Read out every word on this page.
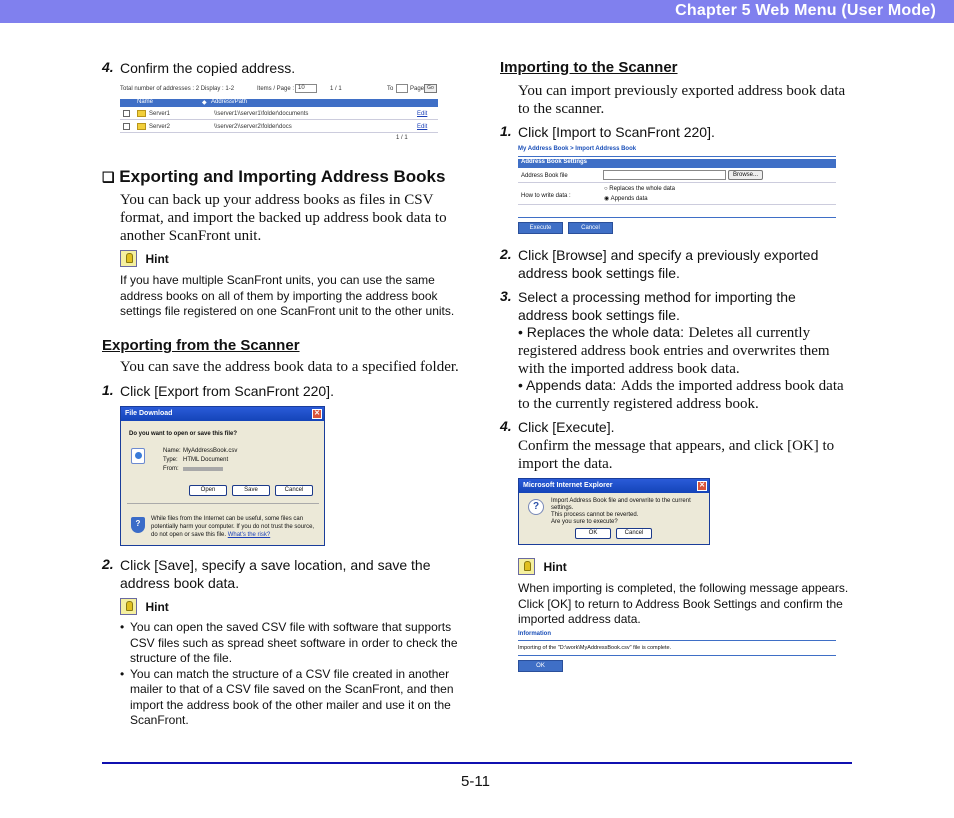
Chapter 5 Web Menu (User Mode)
4. Confirm the copied address.
Total number of addresses : 2 Display : 1-2	Items / Page : 10	1 / 1	To	Page Go
Name	◆ Address/Path
Server1	\\server1\\server1\folder\documents	Edit
Server2	\\server2\\server2\folder\docs	Edit
1 / 1
❑ Exporting and Importing Address Books
You can back up your address books as files in CSV format, and import the backed up address book data to another ScanFront unit.
$^{Hint}$
If you have multiple ScanFront units, you can use the same address books on all of them by importing the address book settings file registered on one ScanFront unit to the other units.
Exporting from the Scanner
You can save the address book data to a specified folder.
1. Click [Export from ScanFront 220].
File Download	✕
Do you want to open or save this file?
Name: MyAddressBook.csv
Type: HTML Document
From:
Open	Save	Cancel
?	While files from the Internet can be useful, some files can potentially harm your computer. If you do not trust the source, do not open or save this file. What's the risk?
2. Click [Save], specify a save location, and save the address book data.
$^{Hint}$
• You can open the saved CSV file with software that supports CSV files such as spread sheet software in order to check the structure of the file.
• You can match the structure of a CSV file created in another mailer to that of a CSV file saved on the ScanFront, and then import the address book of the other mailer and use it on the ScanFront.
Importing to the Scanner
You can import previously exported address book data to the scanner.
1. Click [Import to ScanFront 220].
My Address Book > Import Address Book
Address Book Settings
Address Book file	Browse...
How to write data :
○ Replaces the whole data
◉ Appends data
Execute	Cancel
2. Click [Browse] and specify a previously exported address book settings file.
3. Select a processing method for importing the address book settings file.
• Replaces the whole data: Deletes all currently registered address book entries and overwrites them with the imported address book data.
• Appends data: Adds the imported address book data to the currently registered address book.
4. Click [Execute].
Confirm the message that appears, and click [OK] to import the data.
Microsoft Internet Explorer	✕
?	Import Address Book file and overwrite to the current settings.
This process cannot be reverted.
Are you sure to execute?
OK	Cancel
$^{Hint}$
When importing is completed, the following message appears. Click [OK] to return to Address Book Settings and confirm the imported address data.
Information
Importing of the "D:\work\MyAddressBook.csv" file is complete.
OK
5-11
